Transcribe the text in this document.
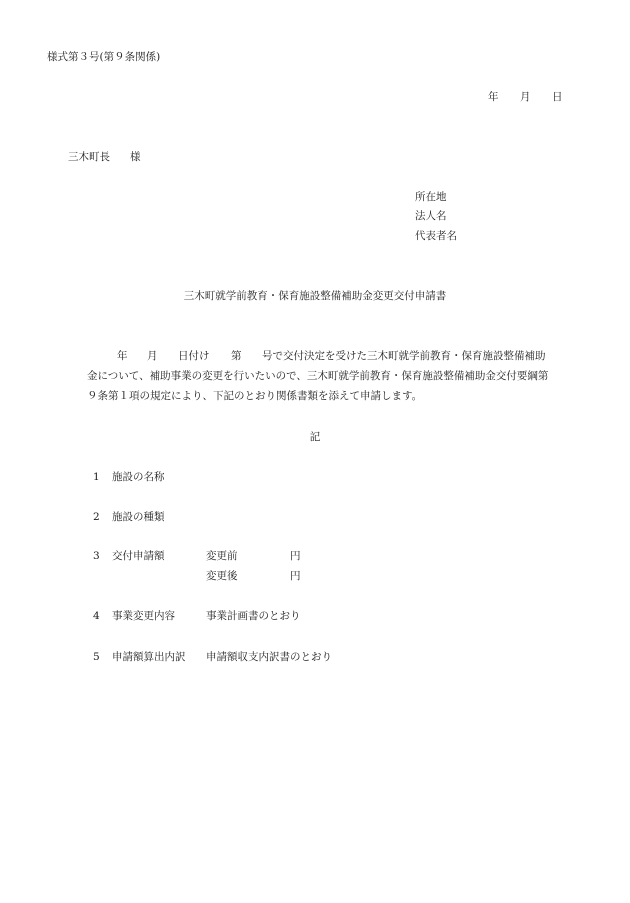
様式第３号(第９条関係)
年 月 日
三木町長 様
所在地
法人名
代表者名
三木町就学前教育・保育施設整備補助金変更交付申請書
年 月 日付け 第 号で交付決定を受けた三木町就学前教育・保育施設整備補助
金について、補助事業の変更を行いたいので、三木町就学前教育・保育施設整備補助金交付要綱第
９条第１項の規定により、下記のとおり関係書類を添えて申請します。
記
1 施設の名称
2 施設の種類
3 交付申請額	変更前	円
変更後	円
4 事業変更内容	事業計画書のとおり
5 申請額算出内訳 申請額収支内訳書のとおり
